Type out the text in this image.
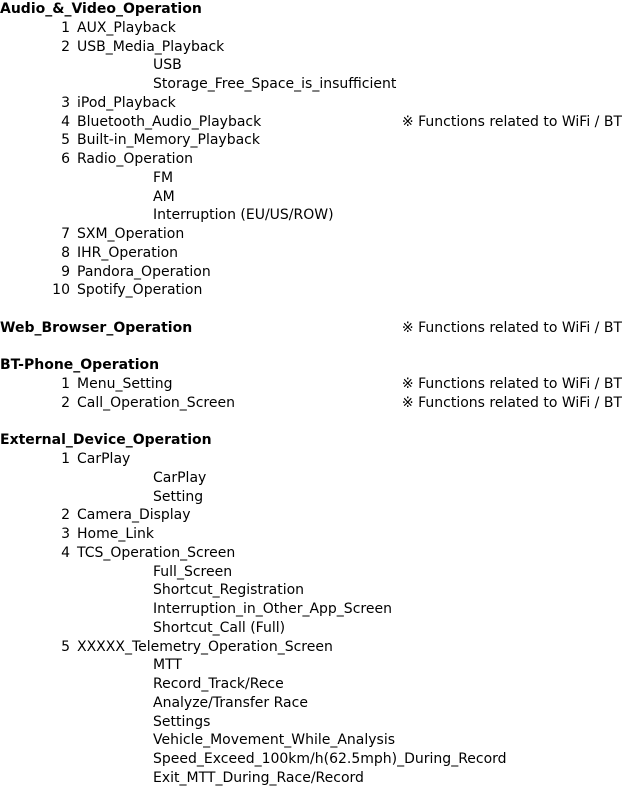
Audio_&_Video_Operation
1 AUX_Playback
2 USB_Media_Playback
USB
Storage_Free_Space_is_insufficient
3 iPod_Playback
4 Bluetooth_Audio_Playback	※ Functions related to WiFi / BT
5 Built-in_Memory_Playback
6 Radio_Operation
FM
AM
Interruption (EU/US/ROW)
7 SXM_Operation
8 IHR_Operation
9 Pandora_Operation
10 Spotify_Operation
Web_Browser_Operation	※ Functions related to WiFi / BT
BT-Phone_Operation
1 Menu_Setting	※ Functions related to WiFi / BT
2 Call_Operation_Screen	※ Functions related to WiFi / BT
External_Device_Operation
1 CarPlay
CarPlay
Setting
2 Camera_Display
3 Home_Link
4 TCS_Operation_Screen
Full_Screen
Shortcut_Registration
Interruption_in_Other_App_Screen
Shortcut_Call (Full)
5 XXXXX_Telemetry_Operation_Screen
MTT
Record_Track/Rece
Analyze/Transfer Race
Settings
Vehicle_Movement_While_Analysis
Speed_Exceed_100km/h(62.5mph)_During_Record
Exit_MTT_During_Race/Record
